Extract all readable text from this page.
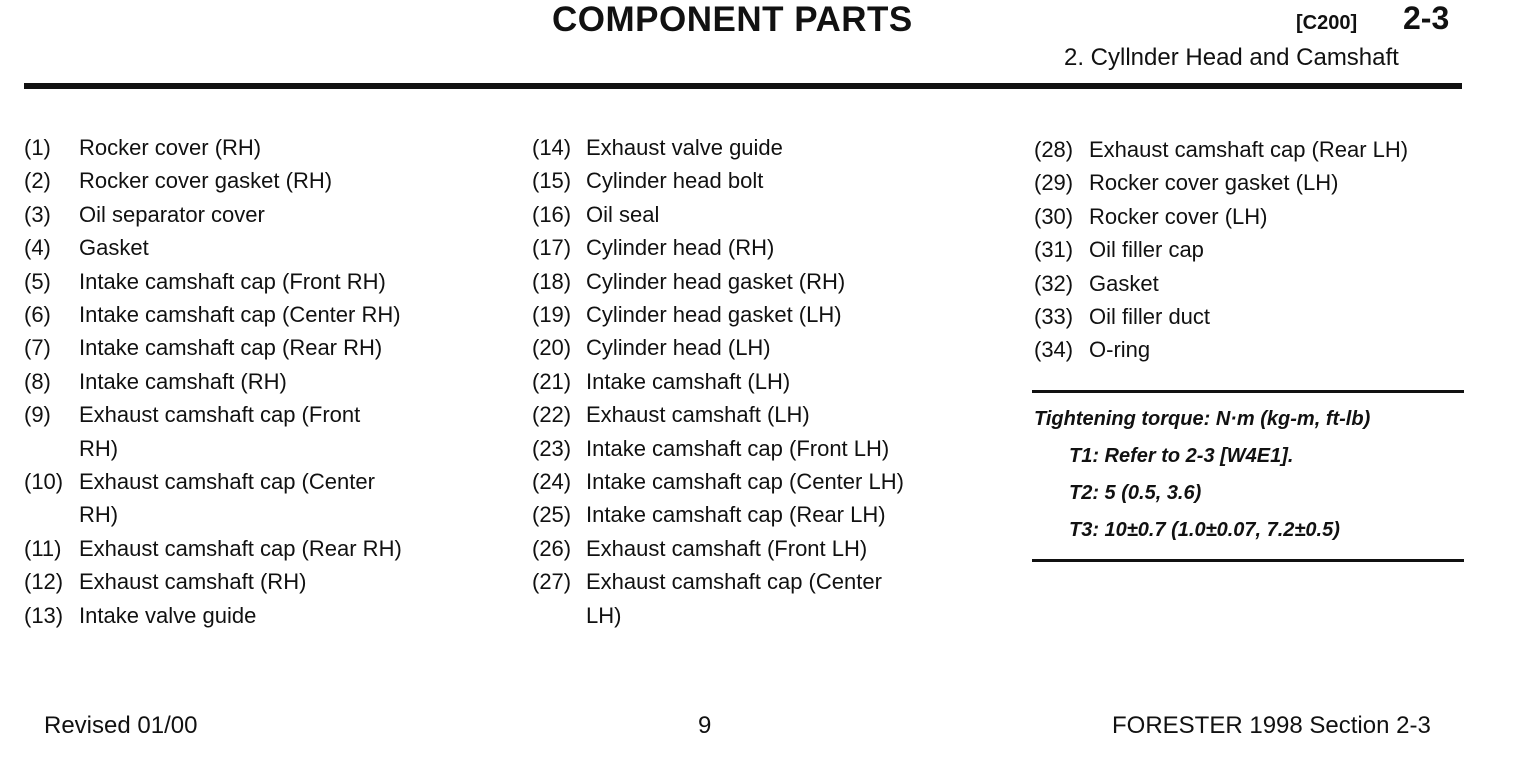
COMPONENT PARTS	[C200] 2-3
2. Cyllnder Head and Camshaft
(1)	Rocker cover (RH)
(2)	Rocker cover gasket (RH)
(3)	Oil separator cover
(4)	Gasket
(5)	Intake camshaft cap (Front RH)
(6)	Intake camshaft cap (Center RH)
(7)	Intake camshaft cap (Rear RH)
(8)	Intake camshaft (RH)
(9)	Exhaust camshaft cap (Front
RH)
(10) Exhaust camshaft cap (Center
RH)
(11) Exhaust camshaft cap (Rear RH)
(12) Exhaust camshaft (RH)
(13) Intake valve guide
(14) Exhaust valve guide
(15) Cylinder head bolt
(16) Oil seal
(17) Cylinder head (RH)
(18) Cylinder head gasket (RH)
(19) Cylinder head gasket (LH)
(20) Cylinder head (LH)
(21) Intake camshaft (LH)
(22) Exhaust camshaft (LH)
(23) Intake camshaft cap (Front LH)
(24) Intake camshaft cap (Center LH)
(25) Intake camshaft cap (Rear LH)
(26) Exhaust camshaft (Front LH)
(27) Exhaust camshaft cap (Center
LH)
(28) Exhaust camshaft cap (Rear LH)
(29) Rocker cover gasket (LH)
(30) Rocker cover (LH)
(31) Oil filler cap
(32) Gasket
(33) Oil filler duct
(34) O-ring
Tightening torque: N·m (kg-m, ft-lb)
T1: Refer to 2-3 [W4E1].
T2: 5 (0.5, 3.6)
T3: 10±0.7 (1.0±0.07, 7.2±0.5)
Revised 01/00	9	FORESTER 1998 Section 2-3
